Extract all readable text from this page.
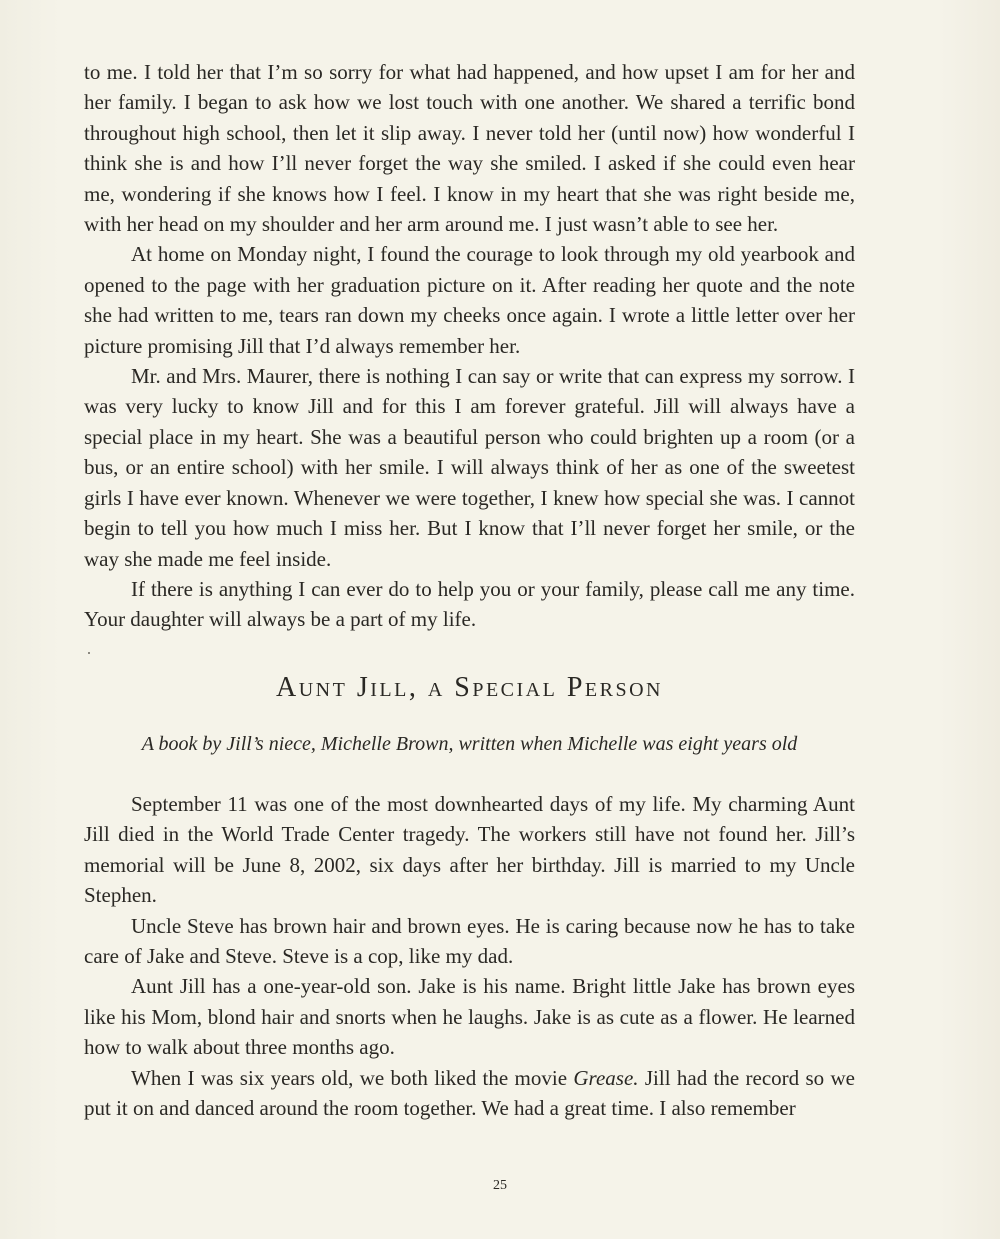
to me. I told her that I’m so sorry for what had happened, and how upset I am for her and her family. I began to ask how we lost touch with one another. We shared a terrific bond throughout high school, then let it slip away. I never told her (until now) how wonderful I think she is and how I’ll never forget the way she smiled. I asked if she could even hear me, wondering if she knows how I feel. I know in my heart that she was right beside me, with her head on my shoulder and her arm around me. I just wasn’t able to see her.

At home on Monday night, I found the courage to look through my old yearbook and opened to the page with her graduation picture on it. After reading her quote and the note she had written to me, tears ran down my cheeks once again. I wrote a little letter over her picture promising Jill that I’d always remember her.

Mr. and Mrs. Maurer, there is nothing I can say or write that can express my sorrow. I was very lucky to know Jill and for this I am forever grateful. Jill will always have a special place in my heart. She was a beautiful person who could brighten up a room (or a bus, or an entire school) with her smile. I will always think of her as one of the sweetest girls I have ever known. Whenever we were together, I knew how special she was. I cannot begin to tell you how much I miss her. But I know that I’ll never forget her smile, or the way she made me feel inside.

If there is anything I can ever do to help you or your family, please call me any time. Your daughter will always be a part of my life.

Aunt Jill, a Special Person

A book by Jill’s niece, Michelle Brown, written when Michelle was eight years old

September 11 was one of the most downhearted days of my life. My charming Aunt Jill died in the World Trade Center tragedy. The workers still have not found her. Jill’s memorial will be June 8, 2002, six days after her birthday. Jill is married to my Uncle Stephen.

Uncle Steve has brown hair and brown eyes. He is caring because now he has to take care of Jake and Steve. Steve is a cop, like my dad.

Aunt Jill has a one-year-old son. Jake is his name. Bright little Jake has brown eyes like his Mom, blond hair and snorts when he laughs. Jake is as cute as a flower. He learned how to walk about three months ago.

When I was six years old, we both liked the movie Grease. Jill had the record so we put it on and danced around the room together. We had a great time. I also remember

25
